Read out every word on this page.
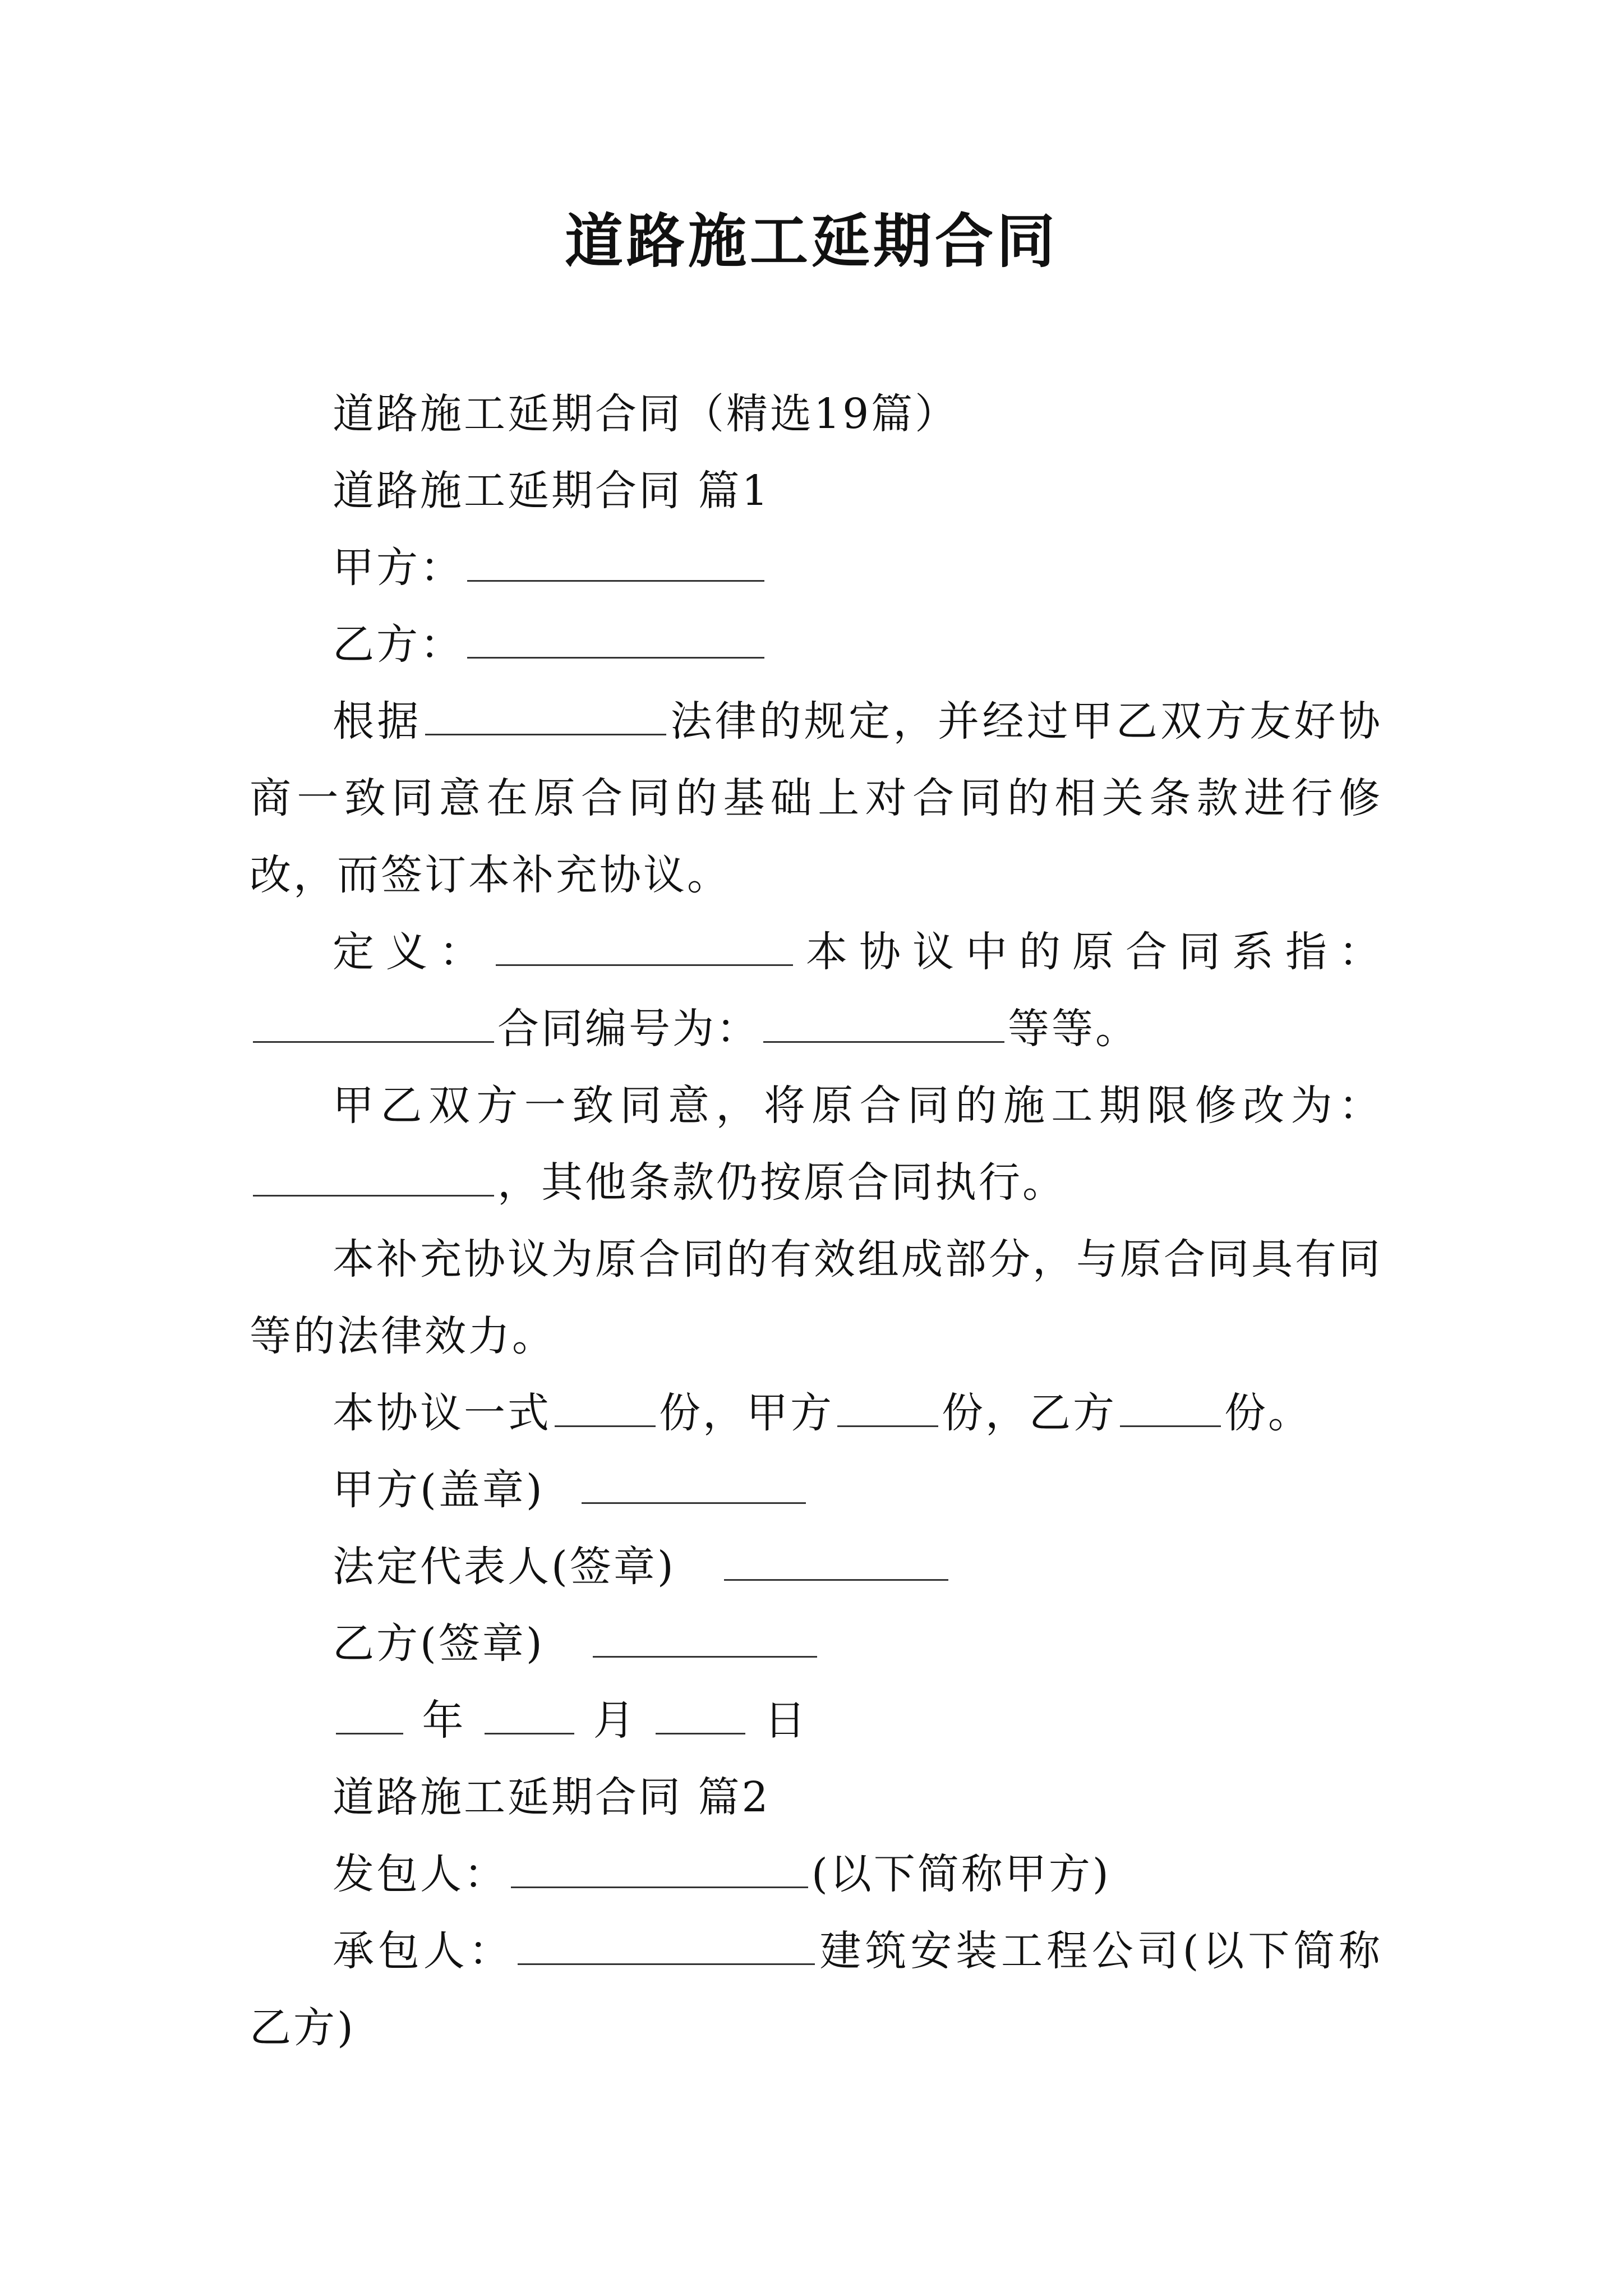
道路施工延期合同

道路施工延期合同（精选19篇）

道路施工延期合同 篇1

甲方：

乙方：

根据	法律的规定，并经过甲乙双方友好协商一致同意在原合同的基础上对合同的相关条款进行修改，而签订本补充协议。

定义：	本协议中的原合同系指：合同编号为：	等等。

甲乙双方一致同意，将原合同的施工期限修改为：，其他条款仍按原合同执行。

本补充协议为原合同的有效组成部分，与原合同具有同等的法律效力。

本协议一式	份，甲方	份，乙方	份。

甲方(盖章)

法定代表人(签章)

乙方(签章)

年	月	日

道路施工延期合同 篇2

发包人：	(以下简称甲方)

承包人：	建筑安装工程公司(以下简称乙方)
